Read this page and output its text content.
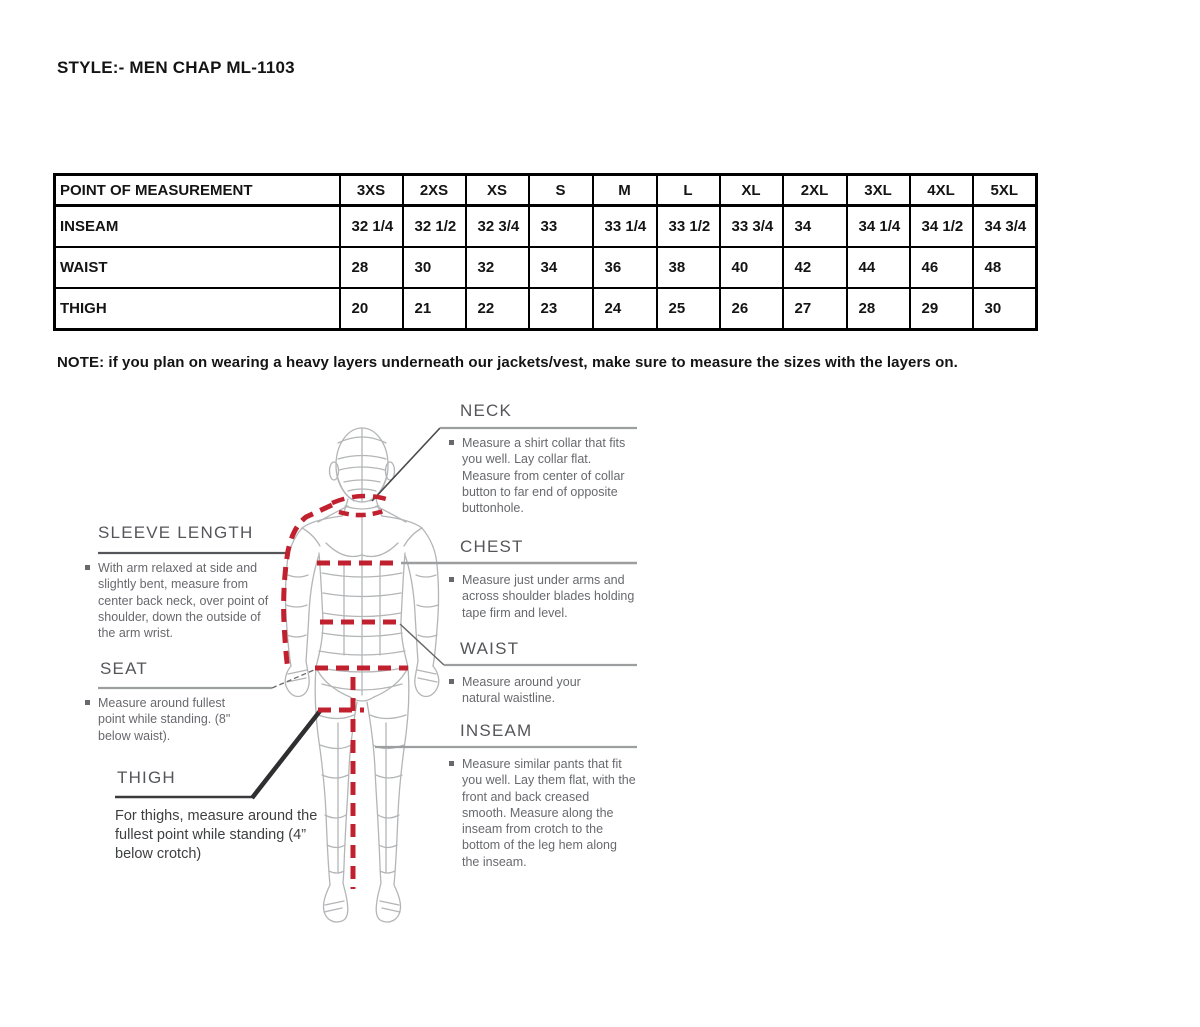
STYLE:- MEN CHAP ML-1103
POINT OF MEASUREMENT	3XS	2XS	XS	S	M	L	XL	2XL	3XL	4XL	5XL
INSEAM	32 1/4	32 1/2	32 3/4	33	33 1/4	33 1/2	33 3/4	34	34 1/4	34 1/2	34 3/4
WAIST	28	30	32	34	36	38	40	42	44	46	48
THIGH	20	21	22	23	24	25	26	27	28	29	30
NOTE: if you plan on wearing a heavy layers underneath our jackets/vest, make sure to measure the sizes with the layers on.
NECK
Measure a shirt collar that fits you well. Lay collar flat. Measure from center of collar button to far end of opposite buttonhole.
SLEEVE LENGTH
With arm relaxed at side and slightly bent, measure from center back neck, over point of shoulder, down the outside of the arm wrist.
CHEST
Measure just under arms and across shoulder blades holding tape firm and level.
WAIST
Measure around your natural waistline.
SEAT
Measure around fullest point while standing. (8" below waist).	INSEAM
Measure similar pants that fit you well. Lay them flat, with the front and back creased smooth. Measure along the inseam from crotch to the bottom of the leg hem along the inseam.
THIGH
For thighs, measure around the fullest point while standing (4” below crotch)
